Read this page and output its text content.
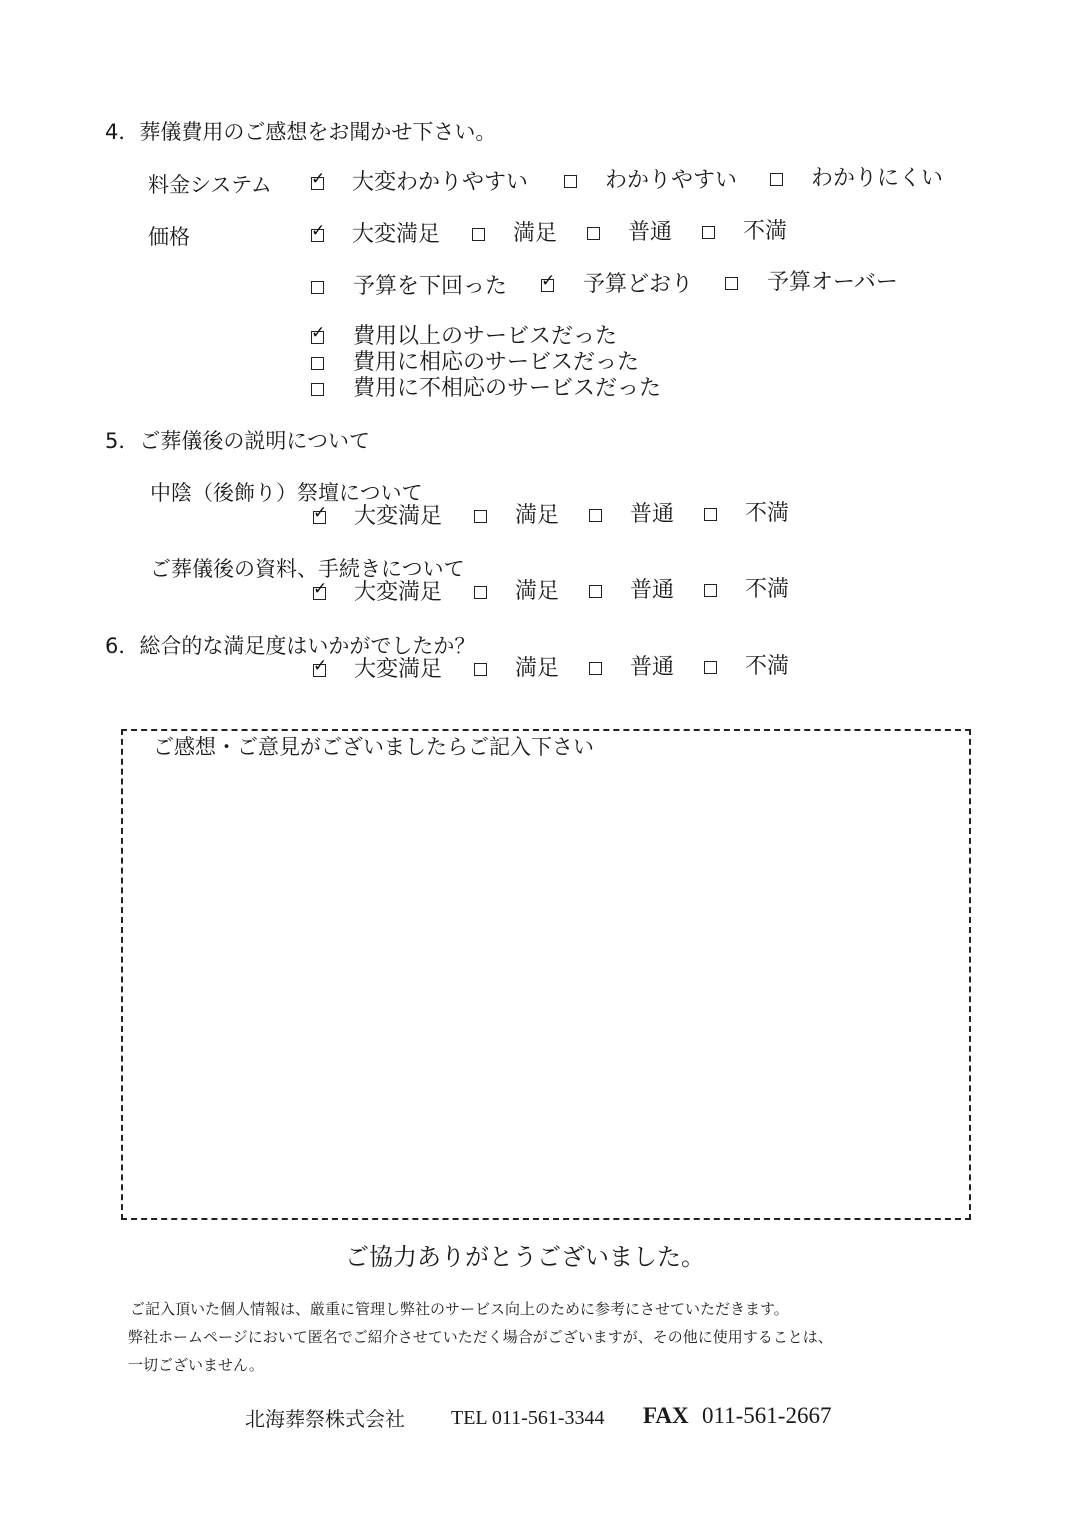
4．葬儀費用のご感想をお聞かせ下さい。
料金システム ✓ 大変わかりやすい	わかりやすい	わかりにくい
価格	✓ 大変満足	満足	普通	不満
予算を下回った ✓ 予算どおり	予算オーバー
✓ 費用以上のサービスだった
費用に相応のサービスだった
費用に不相応のサービスだった
5．ご葬儀後の説明について
中陰（後飾り）祭壇について
✓ 大変満足	満足	普通	不満
ご葬儀後の資料、手続きについて
✓ 大変満足	満足	普通	不満
6．総合的な満足度はいかがでしたか？
✓ 大変満足	満足	普通	不満
ご感想・ご意見がございましたらご記入下さい
ご協力ありがとうございました。
ご記入頂いた個人情報は、厳重に管理し弊社のサービス向上のために参考にさせていただきます。
弊社ホームページにおいて匿名でご紹介させていただく場合がございますが、その他に使用することは、
一切ございません。
北海葬祭株式会社 TEL 011-561-3344 FAX 011-561-2667
